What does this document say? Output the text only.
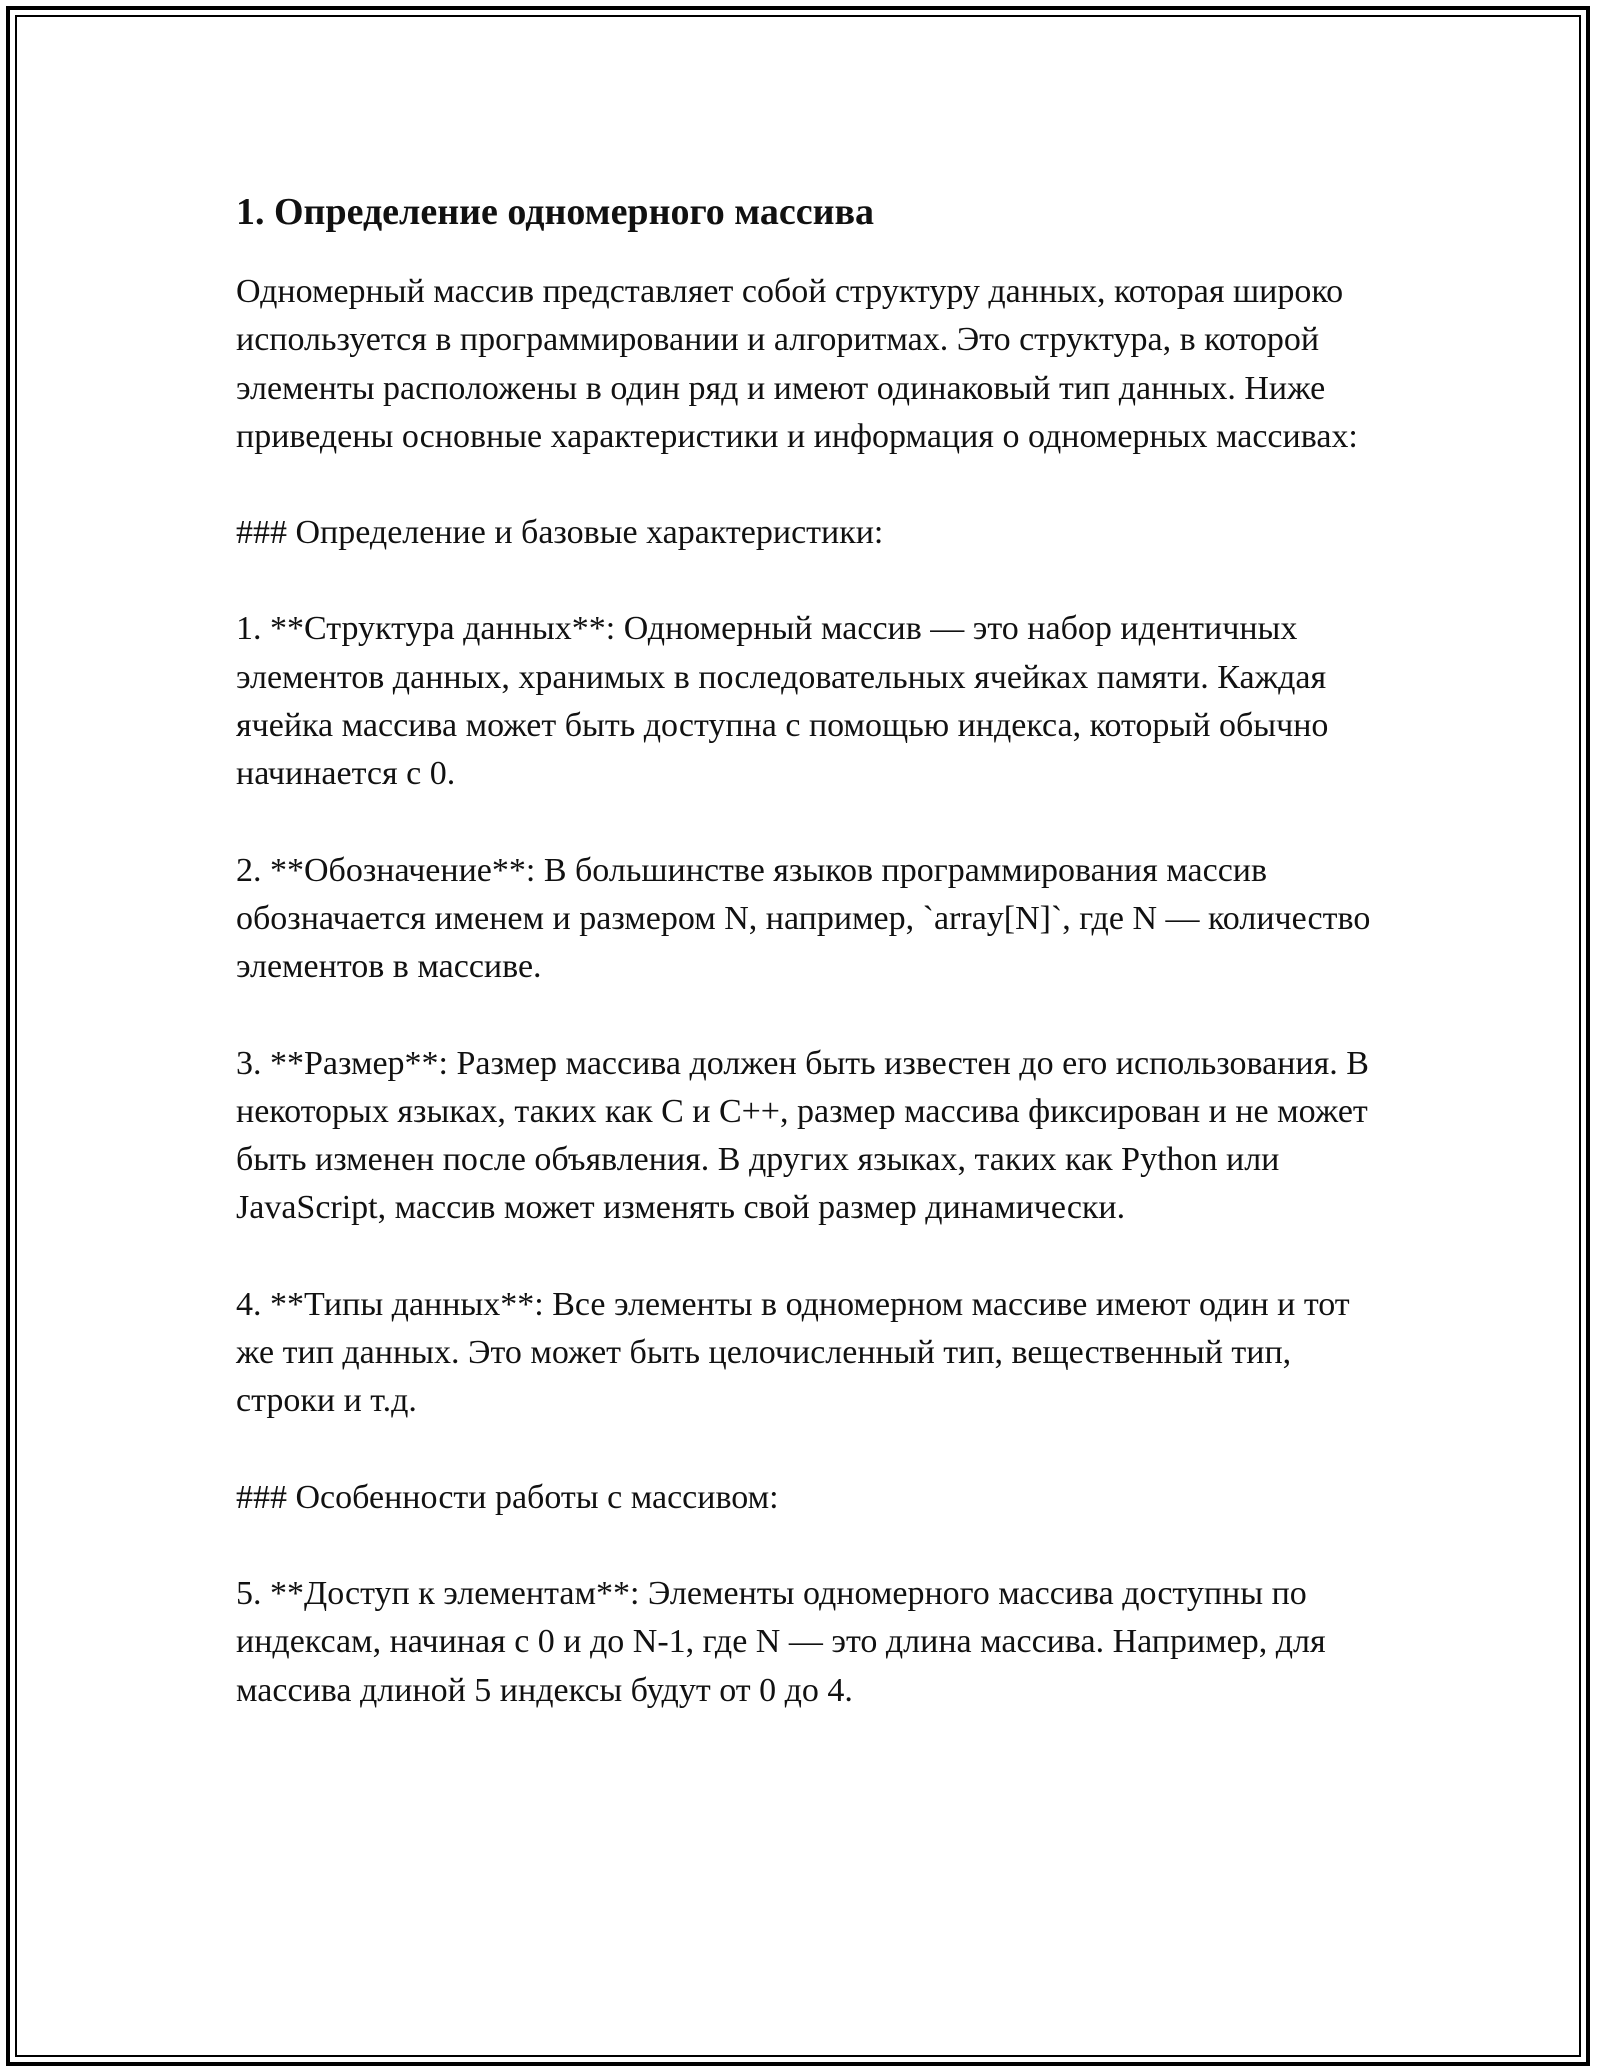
1. Определение одномерного массива

Одномерный массив представляет собой структуру данных, которая широко используется в программировании и алгоритмах. Это структура, в которой элементы расположены в один ряд и имеют одинаковый тип данных. Ниже приведены основные характеристики и информация о одномерных массивах:

### Определение и базовые характеристики:

1. **Структура данных**: Одномерный массив — это набор идентичных элементов данных, хранимых в последовательных ячейках памяти. Каждая ячейка массива может быть доступна с помощью индекса, который обычно начинается с 0.

2. **Обозначение**: В большинстве языков программирования массив обозначается именем и размером N, например, `array[N]`, где N — количество элементов в массиве.

3. **Размер**: Размер массива должен быть известен до его использования. В некоторых языках, таких как C и C++, размер массива фиксирован и не может быть изменен после объявления. В других языках, таких как Python или JavaScript, массив может изменять свой размер динамически.

4. **Типы данных**: Все элементы в одномерном массиве имеют один и тот же тип данных. Это может быть целочисленный тип, вещественный тип, строки и т.д.

### Особенности работы с массивом:

5. **Доступ к элементам**: Элементы одномерного массива доступны по индексам, начиная с 0 и до N-1, где N — это длина массива. Например, для массива длиной 5 индексы будут от 0 до 4.
